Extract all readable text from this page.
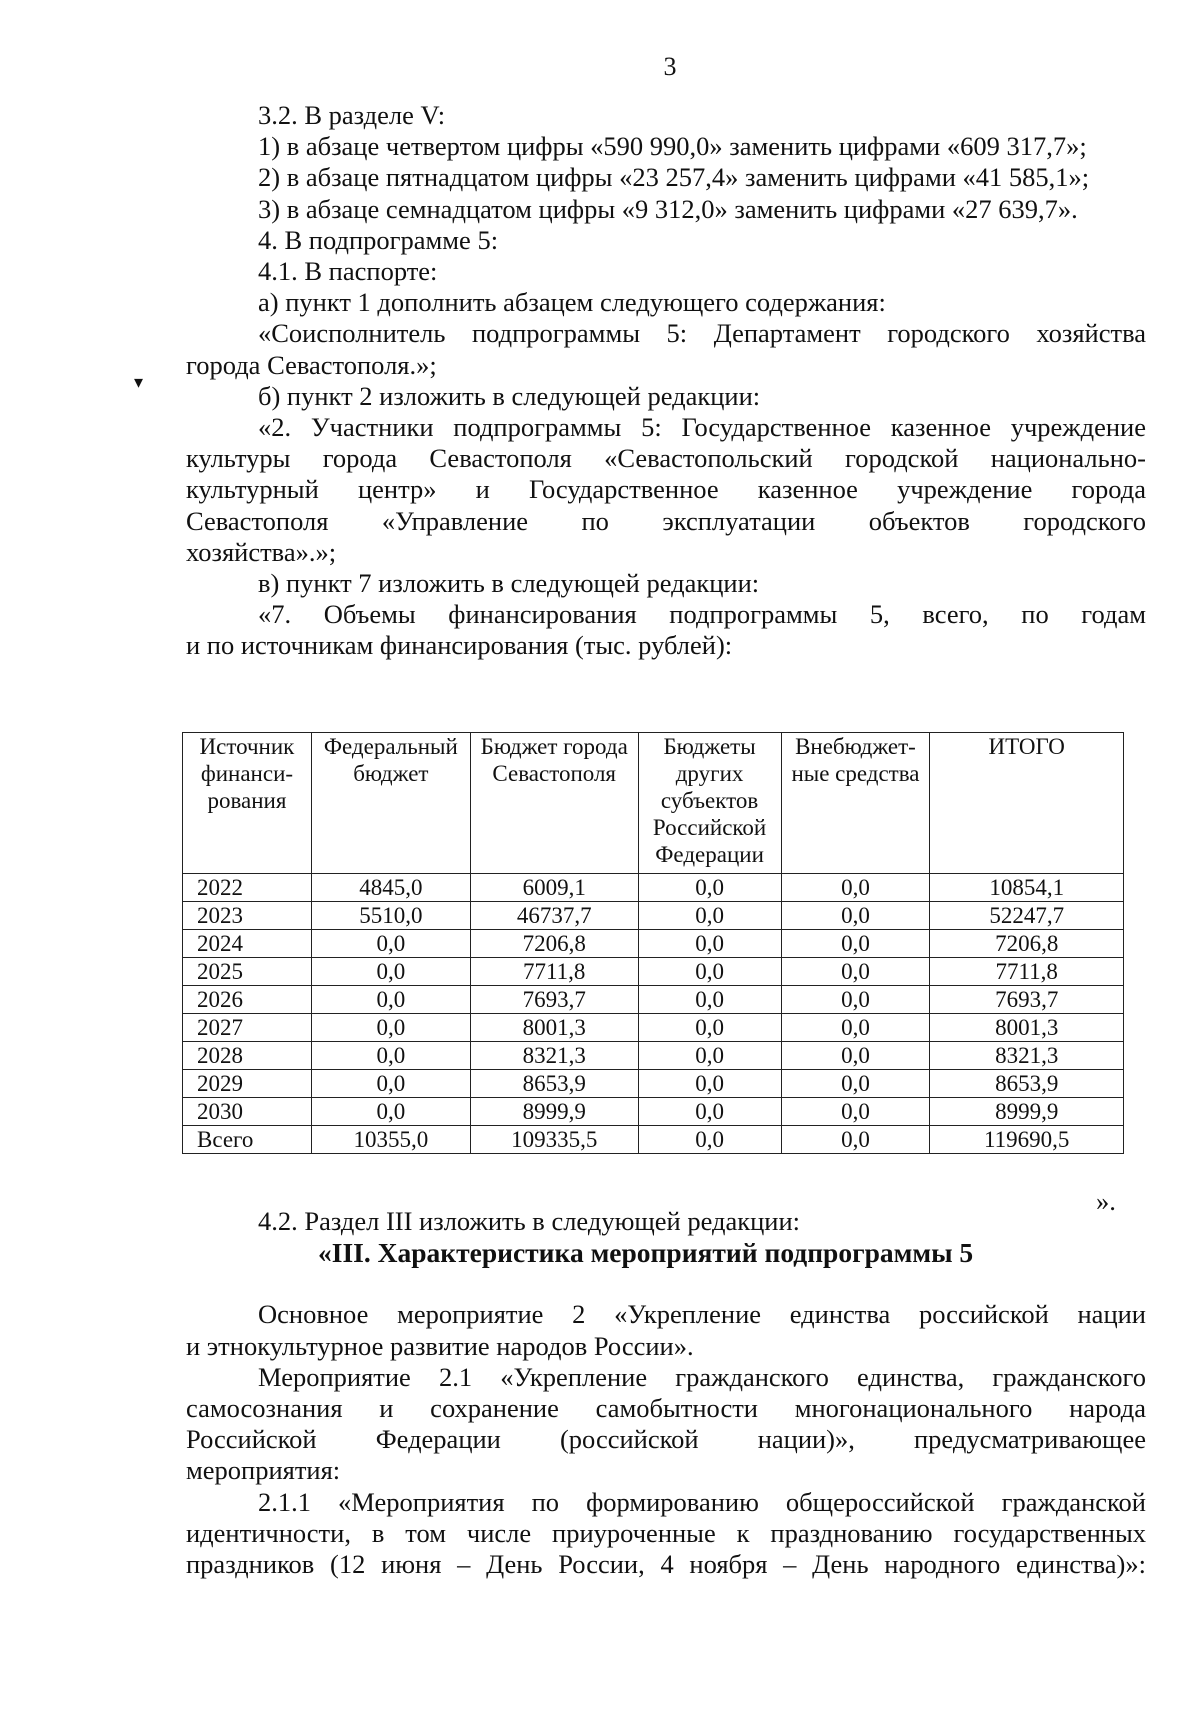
3
▾

3.2. В разделе V:

1) в абзаце четвертом цифры «590 990,0» заменить цифрами «609 317,7»;

2) в абзаце пятнадцатом цифры «23 257,4» заменить цифрами «41 585,1»;

3) в абзаце семнадцатом цифры «9 312,0» заменить цифрами «27 639,7».

4. В подпрограмме 5:

4.1. В паспорте:

а) пункт 1 дополнить абзацем следующего содержания:

«Соисполнитель подпрограммы 5: Департамент городского хозяйства

города Севастополя.»;

б) пункт 2 изложить в следующей редакции:

«2. Участники подпрограммы 5: Государственное казенное учреждение

культуры города Севастополя «Севастопольский городской национально-

культурный центр» и Государственное казенное учреждение города

Севастополя «Управление по эксплуатации объектов городского

хозяйства».»;

в) пункт 7 изложить в следующей редакции:

«7. Объемы финансирования подпрограммы 5, всего, по годам

и по источникам финансирования (тыс. рублей):

Источник финанси-рования	Федеральный бюджет	Бюджет города Севастополя	Бюджеты других субъектов Российской Федерации	Внебюджет-ные средства	ИТОГО
2022	4845,0	6009,1	0,0	0,0	10854,1
2023	5510,0	46737,7	0,0	0,0	52247,7
2024	0,0	7206,8	0,0	0,0	7206,8
2025	0,0	7711,8	0,0	0,0	7711,8
2026	0,0	7693,7	0,0	0,0	7693,7
2027	0,0	8001,3	0,0	0,0	8001,3
2028	0,0	8321,3	0,0	0,0	8321,3
2029	0,0	8653,9	0,0	0,0	8653,9
2030	0,0	8999,9	0,0	0,0	8999,9
Всего	10355,0	109335,5	0,0	0,0	119690,5
».

4.2. Раздел III изложить в следующей редакции:

«III. Характеристика мероприятий подпрограммы 5

Основное мероприятие 2 «Укрепление единства российской нации

и этнокультурное развитие народов России».

Мероприятие 2.1 «Укрепление гражданского единства, гражданского

самосознания и сохранение самобытности многонационального народа

Российской Федерации (российской нации)», предусматривающее

мероприятия:

2.1.1 «Мероприятия по формированию общероссийской гражданской

идентичности, в том числе приуроченные к празднованию государственных

праздников (12 июня – День России, 4 ноября – День народного единства)»:
